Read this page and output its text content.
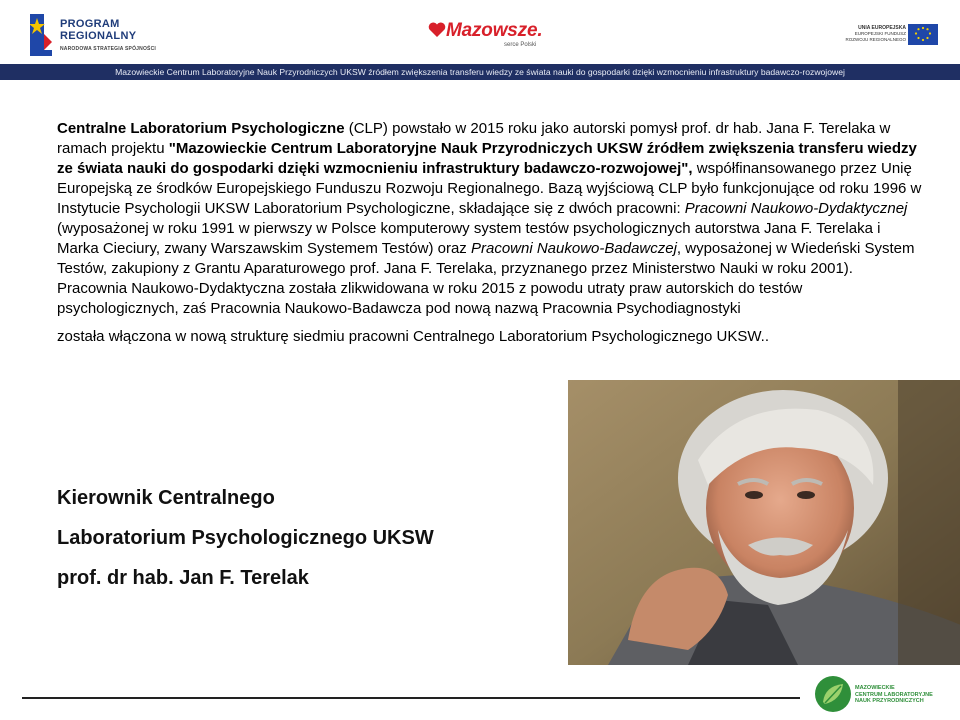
PROGRAM
REGIONALNY
NARODOWA STRATEGIA SPÓJNOŚCI
Mazowsze.
serce Polski
UNIA EUROPEJSKA
EUROPEJSKI FUNDUSZ
ROZWOJU REGIONALNEGO
Mazowieckie Centrum Laboratoryjne Nauk Przyrodniczych UKSW źródłem zwiększenia transferu wiedzy ze świata nauki do gospodarki dzięki wzmocnieniu infrastruktury badawczo-rozwojowej

Centralne Laboratorium Psychologiczne (CLP) powstało w 2015 roku jako autorski pomysł prof. dr hab. Jana F. Terelaka w ramach projektu "Mazowieckie Centrum Laboratoryjne Nauk Przyrodniczych UKSW źródłem zwiększenia transferu wiedzy ze świata nauki do gospodarki dzięki wzmocnieniu infrastruktury badawczo-rozwojowej", współfinansowanego przez Unię Europejską ze środków Europejskiego Funduszu Rozwoju Regionalnego. Bazą wyjściową CLP było funkcjonujące od roku 1996 w Instytucie Psychologii UKSW Laboratorium Psychologiczne, składające się z dwóch pracowni: Pracowni Naukowo-Dydaktycznej (wyposażonej w roku 1991 w pierwszy w Polsce komputerowy system testów psychologicznych autorstwa Jana F. Terelaka i Marka Cieciury, zwany Warszawskim Systemem Testów) oraz Pracowni Naukowo-Badawczej, wyposażonej w Wiedeński System Testów, zakupiony z Grantu Aparaturowego prof. Jana F. Terelaka, przyznanego przez Ministerstwo Nauki w roku 2001). Pracownia Naukowo-Dydaktyczna została zlikwidowana w roku 2015 z powodu utraty praw autorskich do testów psychologicznych, zaś Pracownia Naukowo-Badawcza pod nową nazwą Pracownia Psychodiagnostyki

została włączona w nową strukturę siedmiu pracowni Centralnego Laboratorium Psychologicznego UKSW..

Kierownik Centralnego
Laboratorium Psychologicznego UKSW
prof. dr hab. Jan F. Terelak
MAZOWIECKIE
CENTRUM LABORATORYJNE
NAUK PRZYRODNICZYCH
